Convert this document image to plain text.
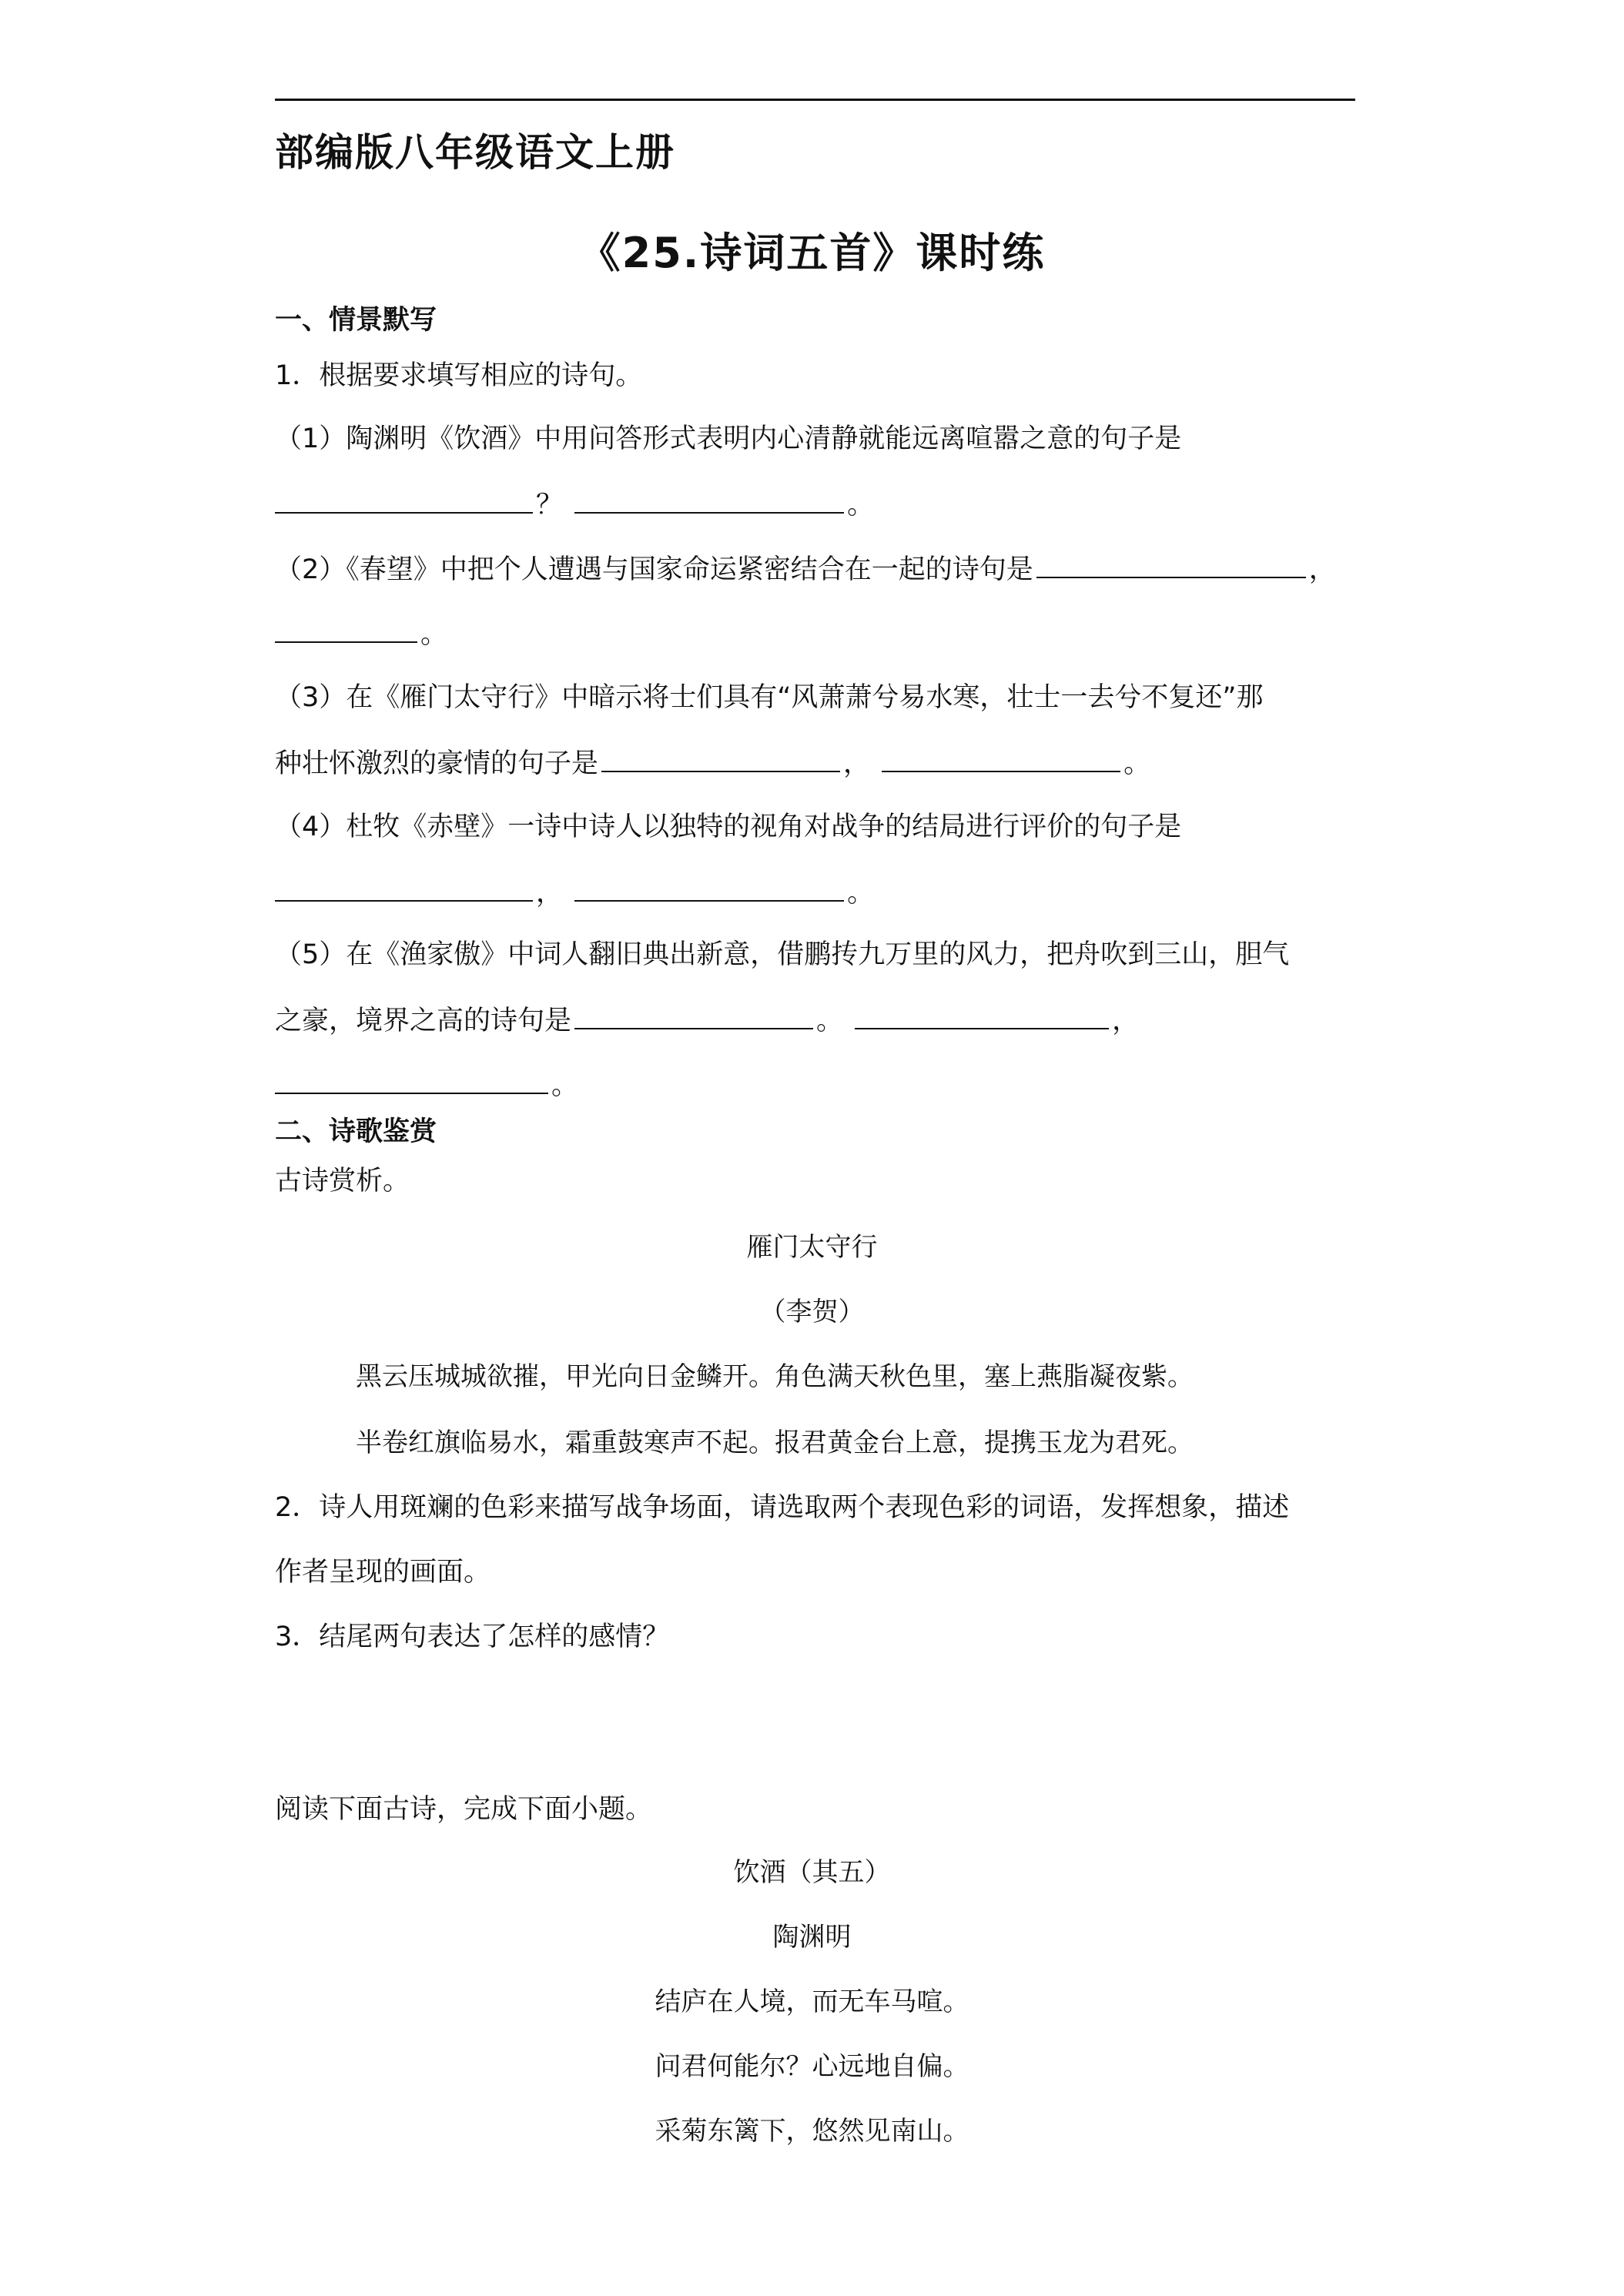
部编版八年级语文上册
《25.诗词五首》课时练
一、情景默写
1．根据要求填写相应的诗句。
（1）陶渊明《饮酒》中用问答形式表明内心清静就能远离喧嚣之意的句子是
？	。
（2）《春望》中把个人遭遇与国家命运紧密结合在一起的诗句是	，
。
（3）在《雁门太守行》中暗示将士们具有“风萧萧兮易水寒，壮士一去兮不复还”那
种壮怀激烈的豪情的句子是	，	。
（4）杜牧《赤壁》一诗中诗人以独特的视角对战争的结局进行评价的句子是
，	。
（5）在《渔家傲》中词人翻旧典出新意，借鹏抟九万里的风力，把舟吹到三山，胆气
之豪，境界之高的诗句是	。	，
。
二、诗歌鉴赏
古诗赏析。
雁门太守行
（李贺）
黑云压城城欲摧，甲光向日金鳞开。角色满天秋色里，塞上燕脂凝夜紫。
半卷红旗临易水，霜重鼓寒声不起。报君黄金台上意，提携玉龙为君死。
2．诗人用斑斓的色彩来描写战争场面，请选取两个表现色彩的词语，发挥想象，描述
作者呈现的画面。
3．结尾两句表达了怎样的感情？
阅读下面古诗，完成下面小题。
饮酒（其五）
陶渊明
结庐在人境，而无车马喧。
问君何能尔？心远地自偏。
采菊东篱下，悠然见南山。
